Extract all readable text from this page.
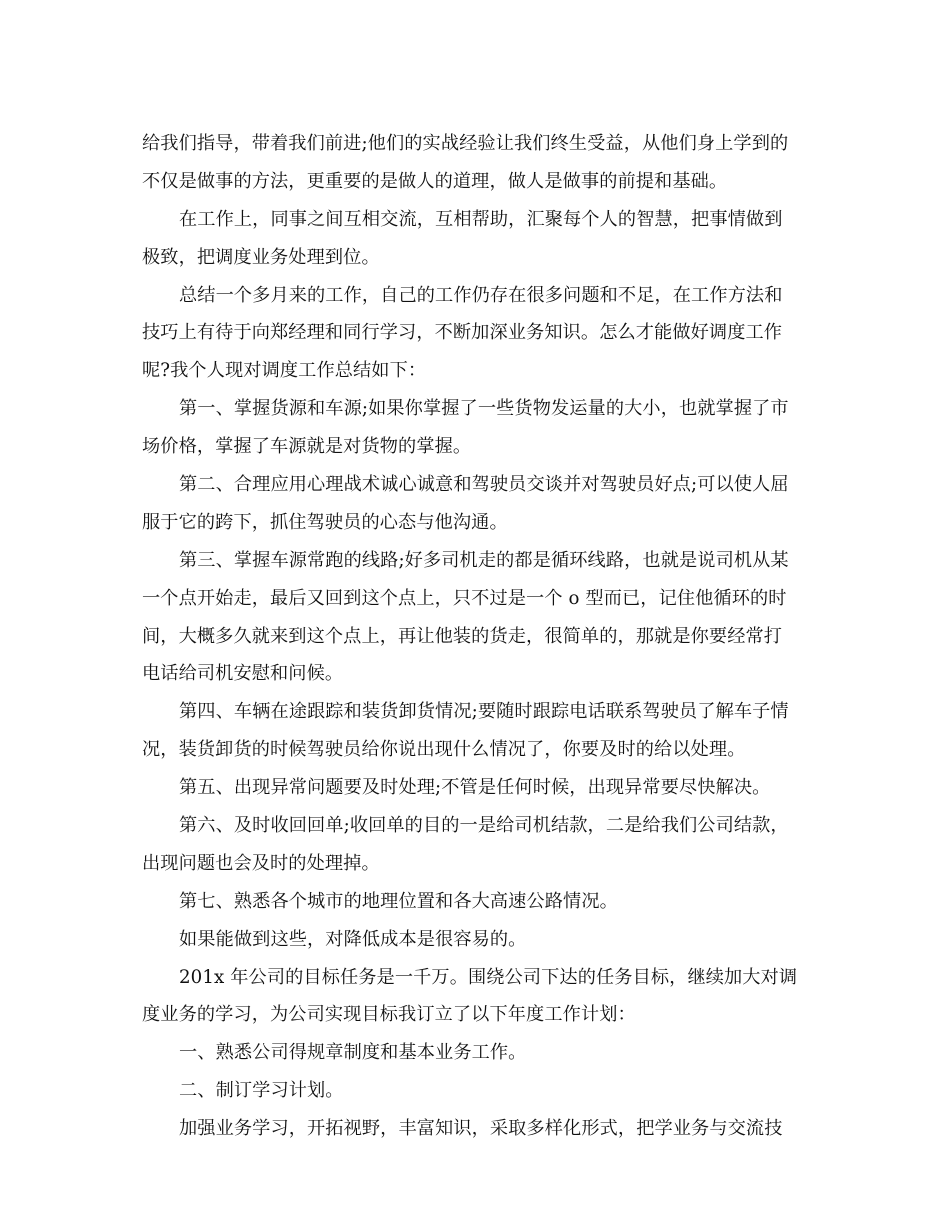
给我们指导，带着我们前进;他们的实战经验让我们终生受益，从他们身上学到的
不仅是做事的方法，更重要的是做人的道理，做人是做事的前提和基础。
在工作上，同事之间互相交流，互相帮助，汇聚每个人的智慧，把事情做到
极致，把调度业务处理到位。
总结一个多月来的工作，自己的工作仍存在很多问题和不足，在工作方法和
技巧上有待于向郑经理和同行学习，不断加深业务知识。怎么才能做好调度工作
呢?我个人现对调度工作总结如下：
第一、掌握货源和车源;如果你掌握了一些货物发运量的大小，也就掌握了市
场价格，掌握了车源就是对货物的掌握。
第二、合理应用心理战术诚心诚意和驾驶员交谈并对驾驶员好点;可以使人屈
服于它的跨下，抓住驾驶员的心态与他沟通。
第三、掌握车源常跑的线路;好多司机走的都是循环线路，也就是说司机从某
一个点开始走，最后又回到这个点上，只不过是一个 o 型而已，记住他循环的时
间，大概多久就来到这个点上，再让他装的货走，很简单的，那就是你要经常打
电话给司机安慰和问候。
第四、车辆在途跟踪和装货卸货情况;要随时跟踪电话联系驾驶员了解车子情
况，装货卸货的时候驾驶员给你说出现什么情况了，你要及时的给以处理。
第五、出现异常问题要及时处理;不管是任何时候，出现异常要尽快解决。
第六、及时收回回单;收回单的目的一是给司机结款，二是给我们公司结款，
出现问题也会及时的处理掉。
第七、熟悉各个城市的地理位置和各大高速公路情况。
如果能做到这些，对降低成本是很容易的。
201x 年公司的目标任务是一千万。围绕公司下达的任务目标，继续加大对调
度业务的学习，为公司实现目标我订立了以下年度工作计划：
一、熟悉公司得规章制度和基本业务工作。
二、制订学习计划。
加强业务学习，开拓视野，丰富知识，采取多样化形式，把学业务与交流技
